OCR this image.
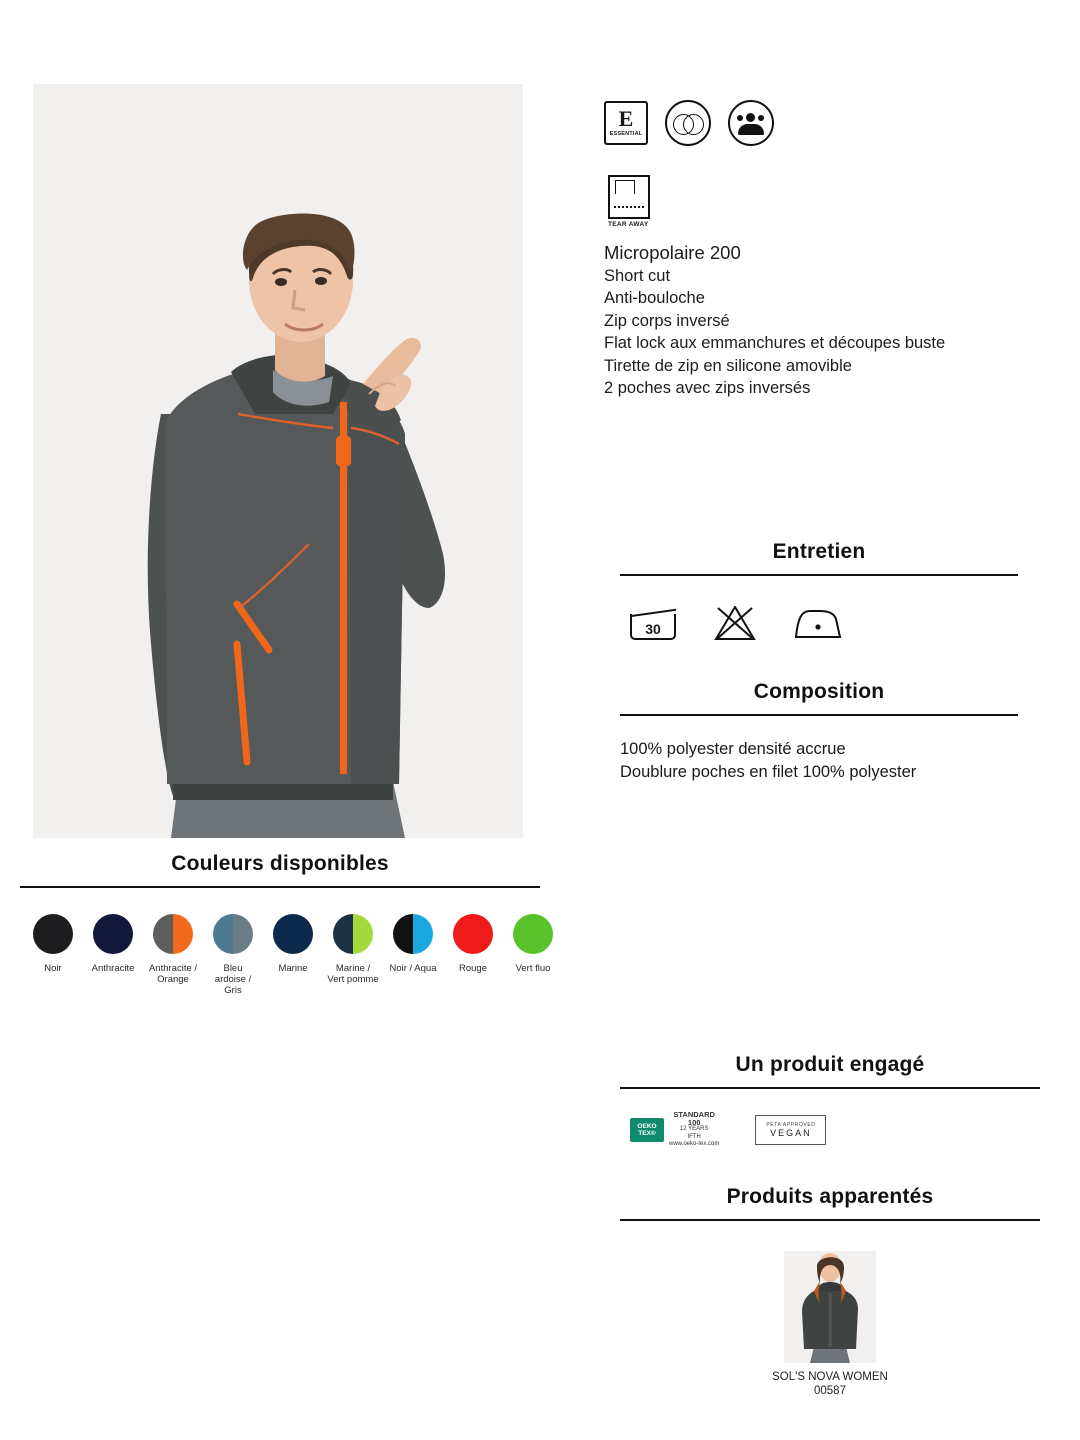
Couleurs disponibles
Noir	Anthracite	Anthracite / Orange
Bleu ardoise / Gris
Marine	Marine / Vert pomme
Noir / Aqua	Rouge	Vert fluo
E
ESSENTIAL
TEAR AWAY
Micropolaire 200
Short cut
Anti-bouloche
Zip corps inversé
Flat lock aux emmanchures et découpes buste
Tirette de zip en silicone amovible
2 poches avec zips inversés
Entretien
30
Composition
100% polyester densité accrue
Doublure poches en filet 100% polyester
Un produit engagé
OEKO
TEX®
STANDARD
100
12 YEARS
IFTH
www.oeko-tex.com
PETA APPROVED
VEGAN
Produits apparentés
SOL'S NOVA WOMEN
00587
